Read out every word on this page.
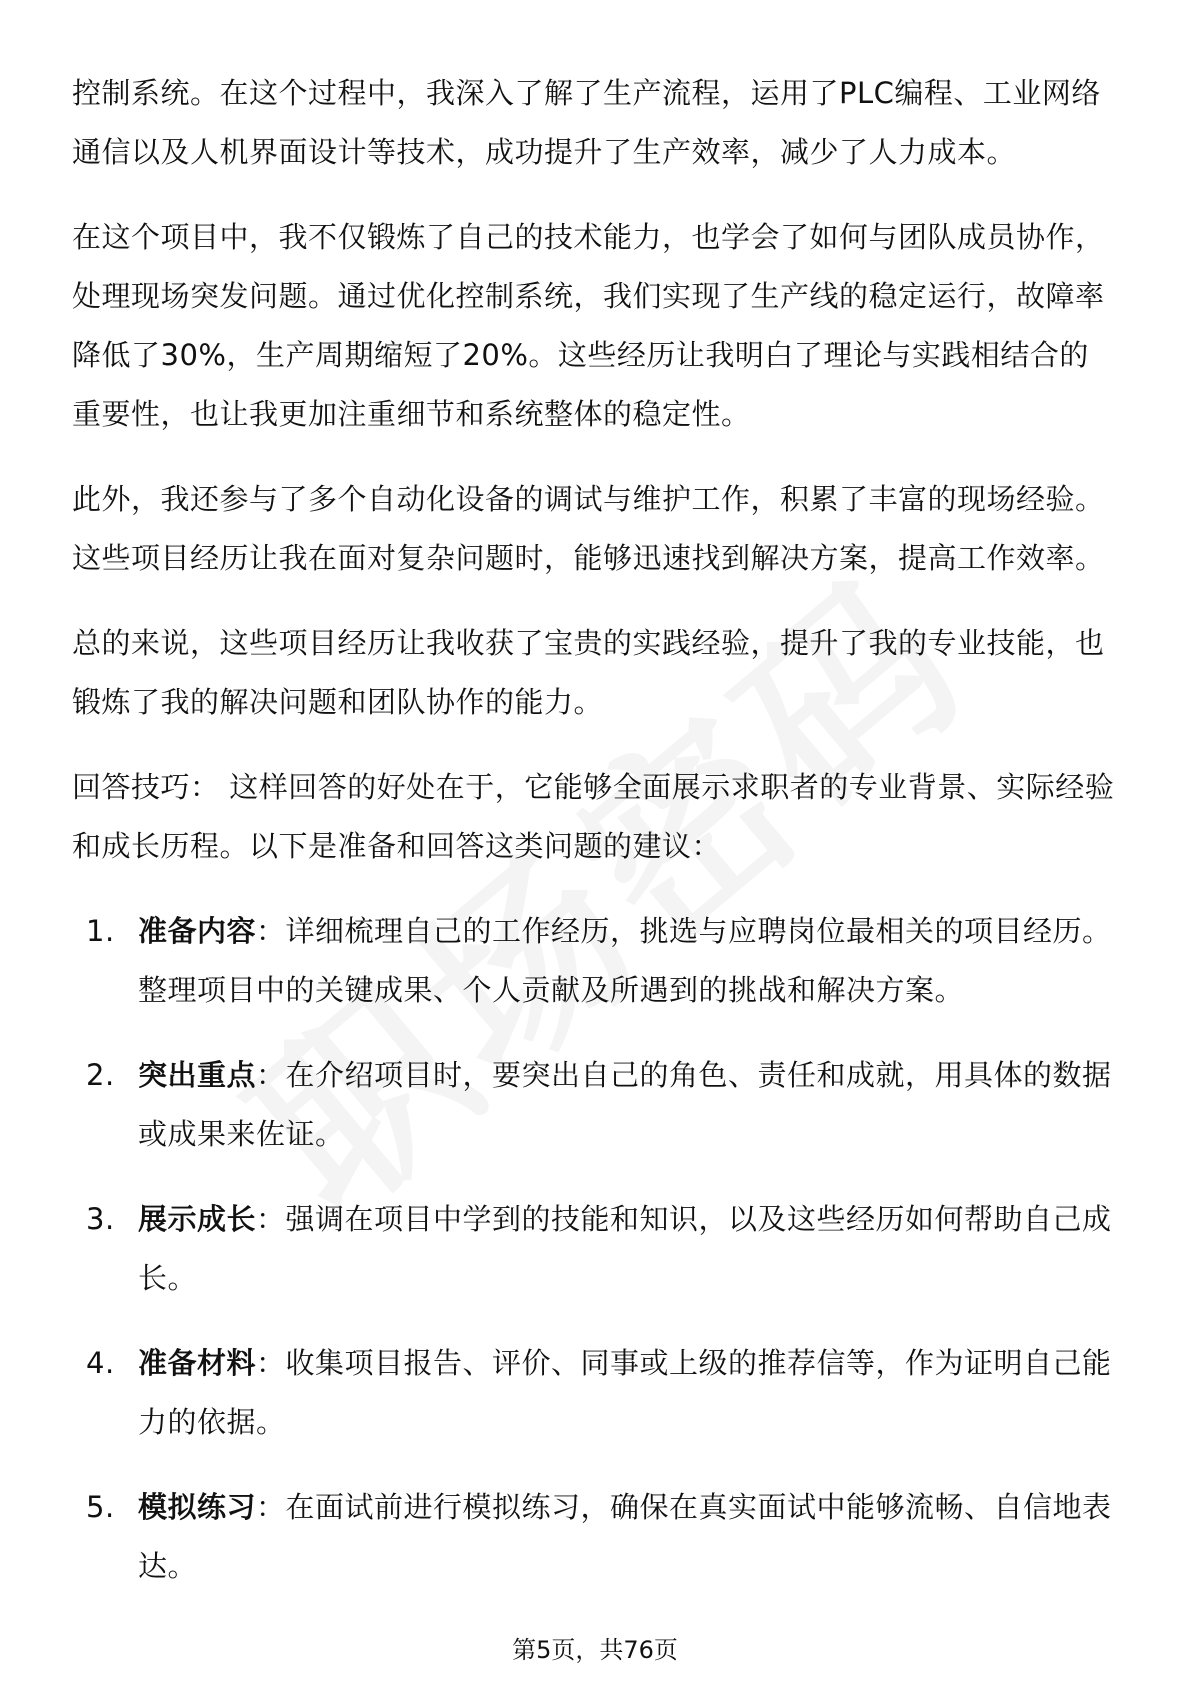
控制系统。在这个过程中，我深入了解了生产流程，运用了PLC编程、工业网络通信以及人机界面设计等技术，成功提升了生产效率，减少了人力成本。

在这个项目中，我不仅锻炼了自己的技术能力，也学会了如何与团队成员协作，处理现场突发问题。通过优化控制系统，我们实现了生产线的稳定运行，故障率降低了30%，生产周期缩短了20%。这些经历让我明白了理论与实践相结合的重要性，也让我更加注重细节和系统整体的稳定性。

此外，我还参与了多个自动化设备的调试与维护工作，积累了丰富的现场经验。这些项目经历让我在面对复杂问题时，能够迅速找到解决方案，提高工作效率。

总的来说，这些项目经历让我收获了宝贵的实践经验，提升了我的专业技能，也锻炼了我的解决问题和团队协作的能力。

回答技巧： 这样回答的好处在于，它能够全面展示求职者的专业背景、实际经验和成长历程。以下是准备和回答这类问题的建议：

1. 准备内容：详细梳理自己的工作经历，挑选与应聘岗位最相关的项目经历。整理项目中的关键成果、个人贡献及所遇到的挑战和解决方案。
2. 突出重点：在介绍项目时，要突出自己的角色、责任和成就，用具体的数据或成果来佐证。
3. 展示成长：强调在项目中学到的技能和知识，以及这些经历如何帮助自己成长。
4. 准备材料：收集项目报告、评价、同事或上级的推荐信等，作为证明自己能力的依据。
5. 模拟练习：在面试前进行模拟练习，确保在真实面试中能够流畅、自信地表达。
第5页，共76页
